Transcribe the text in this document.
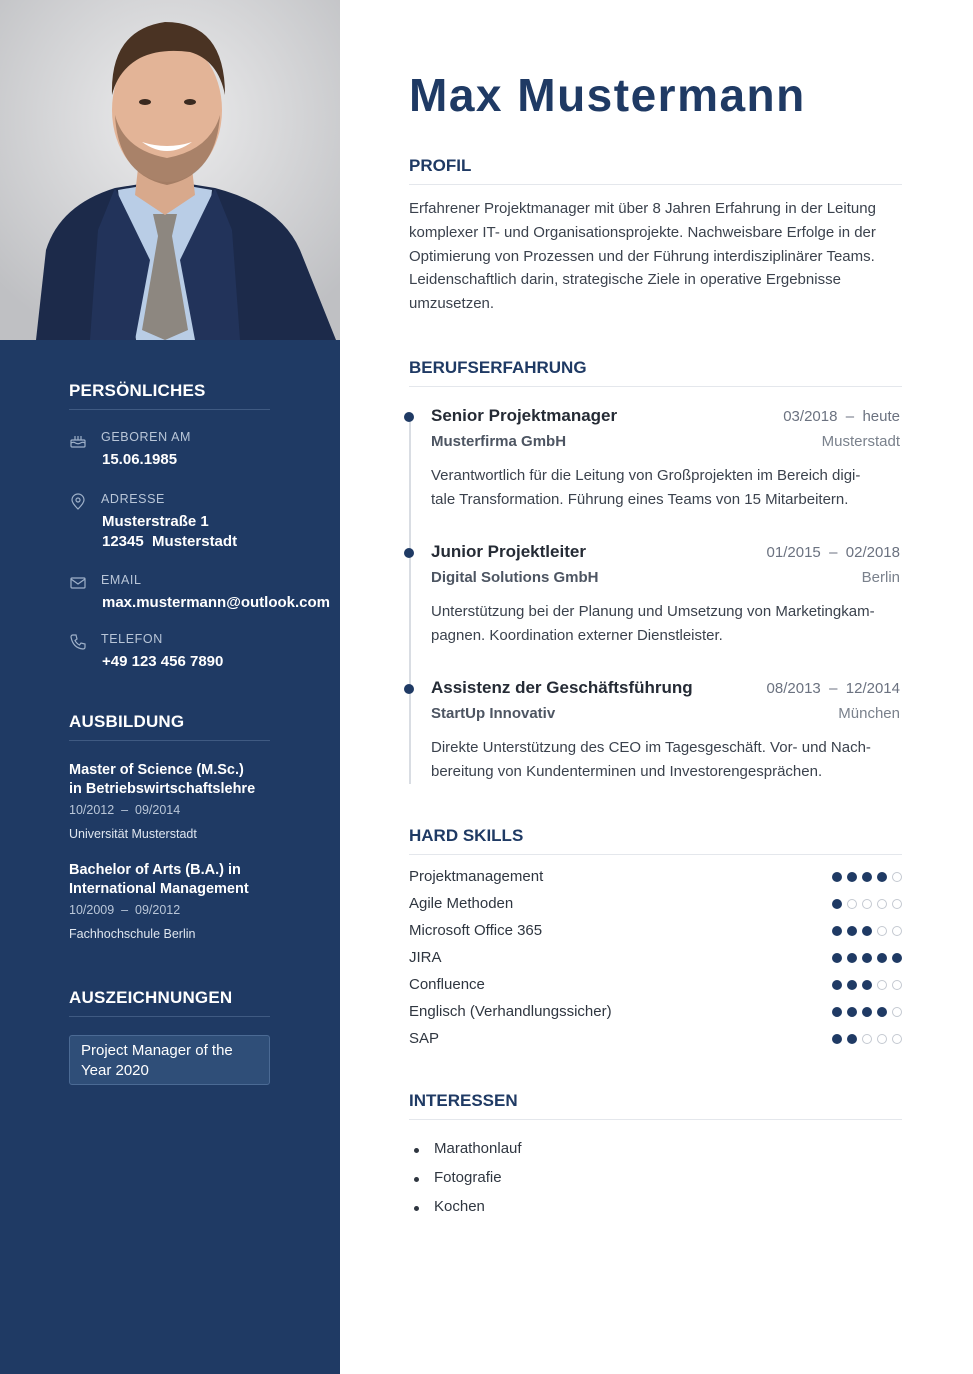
PERSÖNLICHES
GEBOREN AM
15.06.1985
ADRESSE
Musterstraße 1
12345  Musterstadt
EMAIL
max.mustermann@outlook.com
TELEFON
+49 123 456 7890
AUSBILDUNG
Master of Science (M.Sc.)
in Betriebswirtschaftslehre
10/2012  –  09/2014
Universität Musterstadt
Bachelor of Arts (B.A.) in
International Management
10/2009  –  09/2012
Fachhochschule Berlin
AUSZEICHNUNGEN
Project Manager of the
Year 2020
Max Mustermann
PROFIL
Erfahrener Projektmanager mit über 8 Jahren Erfahrung in der Leitung
komplexer IT- und Organisationsprojekte. Nachweisbare Erfolge in der
Optimierung von Prozessen und der Führung interdisziplinärer Teams.
Leidenschaftlich darin, strategische Ziele in operative Ergebnisse
umzusetzen.
BERUFSERFAHRUNG
Senior Projektmanager	03/2018  –  heute
Musterfirma GmbH	Musterstadt
Verantwortlich für die Leitung von Großprojekten im Bereich digi-
tale Transformation. Führung eines Teams von 15 Mitarbeitern.
Junior Projektleiter	01/2015  –  02/2018
Digital Solutions GmbH	Berlin
Unterstützung bei der Planung und Umsetzung von Marketingkam-
pagnen. Koordination externer Dienstleister.
Assistenz der Geschäftsführung	08/2013  –  12/2014
StartUp Innovativ	München
Direkte Unterstützung des CEO im Tagesgeschäft. Vor- und Nach-
bereitung von Kundenterminen und Investorengesprächen.
HARD SKILLS
Projektmanagement
Agile Methoden
Microsoft Office 365
JIRA
Confluence
Englisch (Verhandlungssicher)
SAP
INTERESSEN
Marathonlauf
Fotografie
Kochen
